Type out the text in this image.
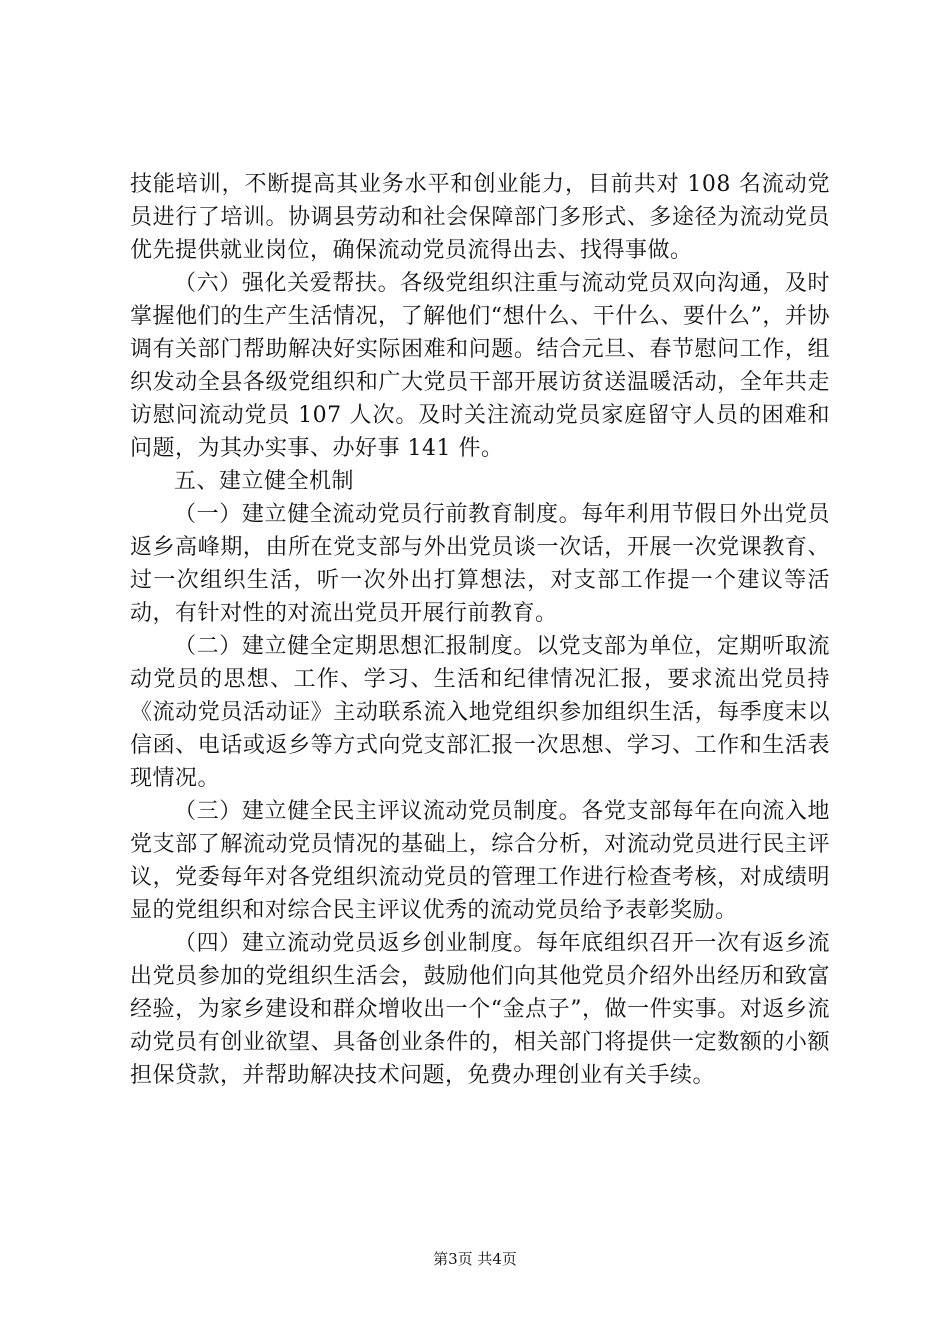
技能培训，不断提高其业务水平和创业能力，目前共对 108 名流动党员进行了培训。协调县劳动和社会保障部门多形式、多途径为流动党员优先提供就业岗位，确保流动党员流得出去、找得事做。

（六）强化关爱帮扶。各级党组织注重与流动党员双向沟通，及时掌握他们的生产生活情况，了解他们“想什么、干什么、要什么”，并协调有关部门帮助解决好实际困难和问题。结合元旦、春节慰问工作，组织发动全县各级党组织和广大党员干部开展访贫送温暖活动，全年共走访慰问流动党员 107 人次。及时关注流动党员家庭留守人员的困难和问题，为其办实事、办好事 141 件。

五、建立健全机制

（一）建立健全流动党员行前教育制度。每年利用节假日外出党员返乡高峰期，由所在党支部与外出党员谈一次话，开展一次党课教育、过一次组织生活，听一次外出打算想法，对支部工作提一个建议等活动，有针对性的对流出党员开展行前教育。

（二）建立健全定期思想汇报制度。以党支部为单位，定期听取流动党员的思想、工作、学习、生活和纪律情况汇报，要求流出党员持《流动党员活动证》主动联系流入地党组织参加组织生活，每季度末以信函、电话或返乡等方式向党支部汇报一次思想、学习、工作和生活表现情况。

（三）建立健全民主评议流动党员制度。各党支部每年在向流入地党支部了解流动党员情况的基础上，综合分析，对流动党员进行民主评议，党委每年对各党组织流动党员的管理工作进行检查考核，对成绩明显的党组织和对综合民主评议优秀的流动党员给予表彰奖励。

（四）建立流动党员返乡创业制度。每年底组织召开一次有返乡流出党员参加的党组织生活会，鼓励他们向其他党员介绍外出经历和致富经验，为家乡建设和群众增收出一个“金点子”，做一件实事。对返乡流动党员有创业欲望、具备创业条件的，相关部门将提供一定数额的小额担保贷款，并帮助解决技术问题，免费办理创业有关手续。

第3页 共4页
